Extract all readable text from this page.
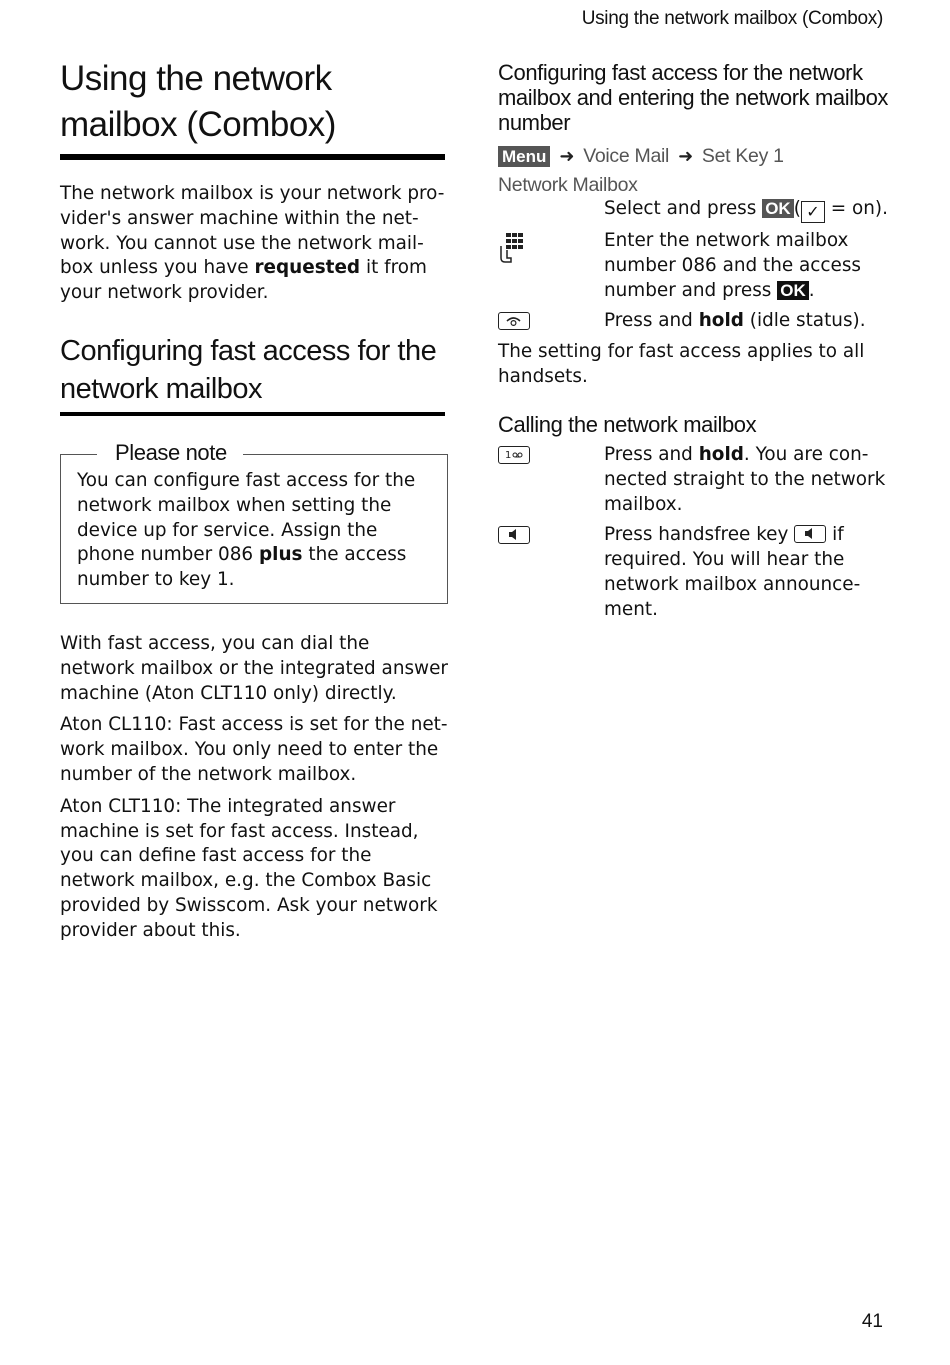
Using the network mailbox (Combox)
Using the network mailbox (Combox)

The network mailbox is your network pro-vider's answer machine within the net-work. You cannot use the network mail-box unless you have requested it from your network provider.

Configuring fast access for the network mailbox
Please note

You can configure fast access for the network mailbox when setting the device up for service. Assign the phone number 086 plus the access number to key 1.

With fast access, you can dial the network mailbox or the integrated answer machine (Aton CLT110 only) directly.

Aton CL110: Fast access is set for the net-work mailbox. You only need to enter the number of the network mailbox.

Aton CLT110: The integrated answer machine is set for fast access. Instead, you can define fast access for the network mailbox, e.g. the Combox Basic provided by Swisscom. Ask your network provider about this.

Configuring fast access for the network mailbox and entering the network mailbox number
Menu ➜ Voice Mail ➜ Set Key 1
Network Mailbox
Select and press OK ( ✓ = on).
Enter the network mailbox number 086 and the access number and press OK .
Press and hold (idle status).

The setting for fast access applies to all handsets.

Calling the network mailbox
1	Press and hold. You are con-nected straight to the network mailbox.
Press handsfree key if required. You will hear the network mailbox announce-ment.
41
